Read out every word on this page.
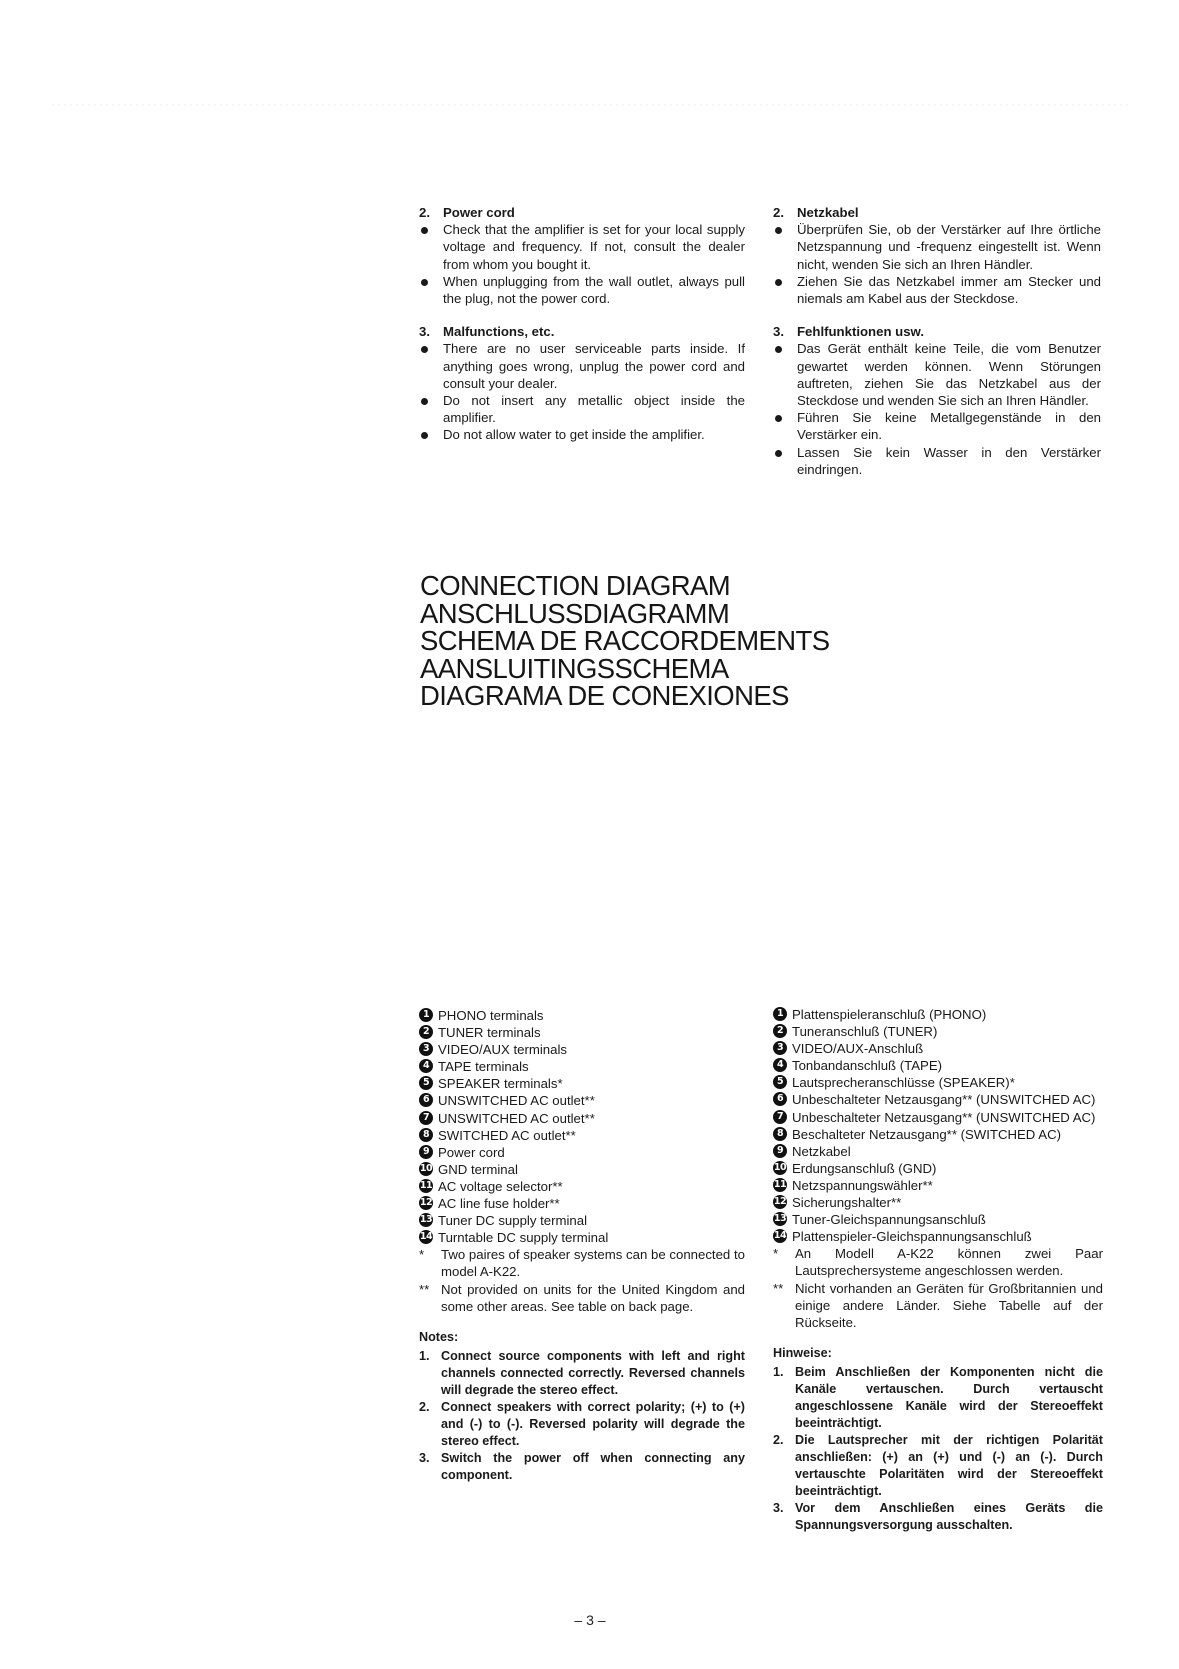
2. Power cord
Check that the amplifier is set for your local supply voltage and frequency. If not, consult the dealer from whom you bought it.
When unplugging from the wall outlet, always pull the plug, not the power cord.
3. Malfunctions, etc.
There are no user serviceable parts inside. If anything goes wrong, unplug the power cord and consult your dealer.
Do not insert any metallic object inside the amplifier.
Do not allow water to get inside the amplifier.
2. Netzkabel
Überprüfen Sie, ob der Verstärker auf Ihre örtliche Netzspannung und -frequenz eingestellt ist. Wenn nicht, wenden Sie sich an Ihren Händler.
Ziehen Sie das Netzkabel immer am Stecker und niemals am Kabel aus der Steckdose.
3. Fehlfunktionen usw.
Das Gerät enthält keine Teile, die vom Benutzer gewartet werden können. Wenn Störungen auftreten, ziehen Sie das Netzkabel aus der Steckdose und wenden Sie sich an Ihren Händler.
Führen Sie keine Metallgegenstände in den Verstärker ein.
Lassen Sie kein Wasser in den Verstärker eindringen.
CONNECTION DIAGRAM
ANSCHLUSSDIAGRAMM
SCHEMA DE RACCORDEMENTS
AANSLUITINGSSCHEMA
DIAGRAMA DE CONEXIONES
1 PHONO terminals
2 TUNER terminals
3 VIDEO/AUX terminals
4 TAPE terminals
5 SPEAKER terminals*
6 UNSWITCHED AC outlet**
7 UNSWITCHED AC outlet**
8 SWITCHED AC outlet**
9 Power cord
10 GND terminal
11 AC voltage selector**
12 AC line fuse holder**
13 Tuner DC supply terminal
14 Turntable DC supply terminal
*	Two paires of speaker systems can be connected to model A-K22.
** Not provided on units for the United Kingdom and some other areas. See table on back page.
Notes:
1. Connect source components with left and right channels connected correctly. Reversed channels will degrade the stereo effect.
2. Connect speakers with correct polarity; (+) to (+) and (-) to (-). Reversed polarity will degrade the stereo effect.
3. Switch the power off when connecting any component.
1 Plattenspieleranschluß (PHONO)
2 Tuneranschluß (TUNER)
3 VIDEO/AUX-Anschluß
4 Tonbandanschluß (TAPE)
5 Lautsprecheranschlüsse (SPEAKER)*
6 Unbeschalteter Netzausgang** (UNSWITCHED AC)
7 Unbeschalteter Netzausgang** (UNSWITCHED AC)
8 Beschalteter Netzausgang** (SWITCHED AC)
9 Netzkabel
10 Erdungsanschluß (GND)
11 Netzspannungswähler**
12 Sicherungshalter**
13 Tuner-Gleichspannungsanschluß
14 Plattenspieler-Gleichspannungsanschluß
*	An Modell A-K22 können zwei Paar Lautsprechersysteme angeschlossen werden.
** Nicht vorhanden an Geräten für Großbritannien und einige andere Länder. Siehe Tabelle auf der Rückseite.
Hinweise:
1. Beim Anschließen der Komponenten nicht die Kanäle vertauschen. Durch vertauscht angeschlossene Kanäle wird der Stereoeffekt beeinträchtigt.
2. Die Lautsprecher mit der richtigen Polarität anschließen: (+) an (+) und (-) an (-). Durch vertauschte Polaritäten wird der Stereoeffekt beeinträchtigt.
3. Vor dem Anschließen eines Geräts die Spannungsversorgung ausschalten.
– 3 –
